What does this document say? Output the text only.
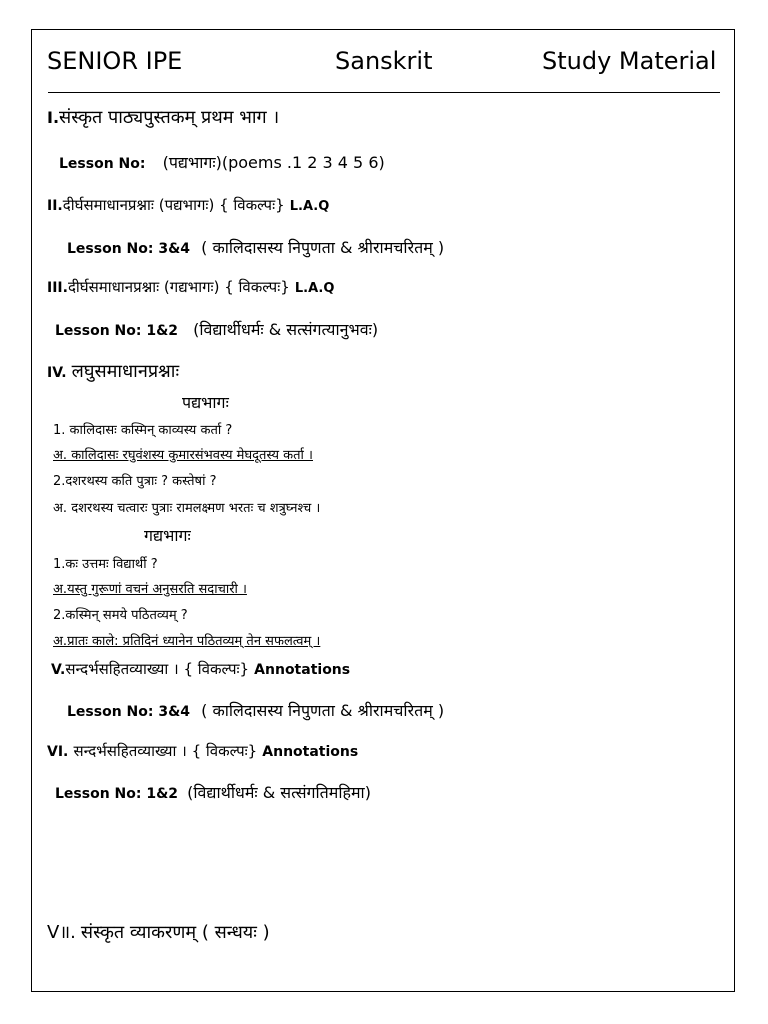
SENIOR IPE	Sanskrit	Study Material
I.संस्कृत पाठ्यपुस्तकम् प्रथम भाग ।
Lesson No: (पद्यभागः)(poems .1 2 3 4 5 6)
II.दीर्घसमाधानप्रश्नाः (पद्यभागः) { विकल्पः} L.A.Q
Lesson No: 3&4 ( कालिदासस्य निपुणता & श्रीरामचरितम् )
III.दीर्घसमाधानप्रश्नाः (गद्यभागः) { विकल्पः} L.A.Q
Lesson No: 1&2 (विद्यार्थीधर्मः & सत्संगत्यानुभवः)
IV. लघुसमाधानप्रश्नाः
पद्यभागः
1. कालिदासः कस्मिन् काव्यस्य कर्ता ?
अ. कालिदासः रघुवंशस्य कुमारसंभवस्य मेघदूतस्य कर्ता ।
2.दशरथस्य कति पुत्राः ? कस्तेषां ?
अ. दशरथस्य चत्वारः पुत्राः रामलक्ष्मण भरतः च शत्रुघ्नश्च ।
गद्यभागः
1.कः उत्तमः विद्यार्थी ?
अ.यस्तु गुरूणां वचनं अनुसरति सदाचारी ।
2.कस्मिन् समये पठितव्यम् ?
अ.प्रातः काले: प्रतिदिनं ध्यानेन पठितव्यम् तेन सफलत्वम् ।
V.सन्दर्भसहितव्याख्या । { विकल्पः} Annotations
Lesson No: 3&4 ( कालिदासस्य निपुणता & श्रीरामचरितम् )
VI. सन्दर्भसहितव्याख्या । { विकल्पः} Annotations
Lesson No: 1&2 (विद्यार्थीधर्मः & सत्संगतिमहिमा)
V॥. संस्कृत व्याकरणम् ( सन्धयः )
